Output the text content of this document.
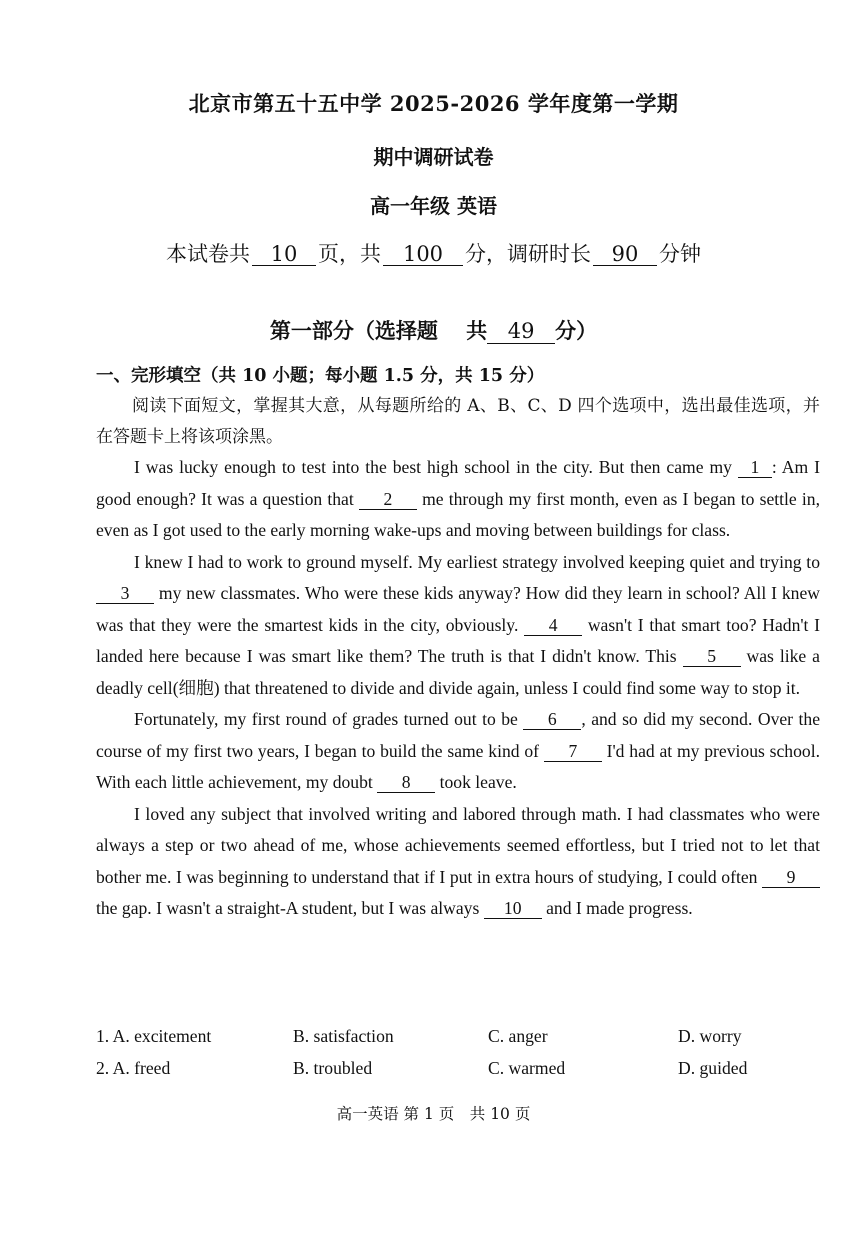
北京市第五十五中学 2025-2026 学年度第一学期
期中调研试卷
高一年级 英语
本试卷共 10 页，共 100 分，调研时长 90 分钟
第一部分（选择题　 共 49 分）
一、完形填空（共 10 小题；每小题 1.5 分，共 15 分）

阅读下面短文，掌握其大意，从每题所给的 A、B、C、D 四个选项中，选出最佳选项，并在答题卡上将该项涂黑。

I was lucky enough to test into the best high school in the city. But then came my 1 : Am I good enough? It was a question that 2 me through my first month, even as I began to settle in, even as I got used to the early morning wake-ups and moving between buildings for class.

I knew I had to work to ground myself. My earliest strategy involved keeping quiet and trying to 3 my new classmates. Who were these kids anyway? How did they learn in school? All I knew was that they were the smartest kids in the city, obviously. 4 wasn't I that smart too? Hadn't I landed here because I was smart like them? The truth is that I didn't know. This 5 was like a deadly cell(细胞) that threatened to divide and divide again, unless I could find some way to stop it.

Fortunately, my first round of grades turned out to be 6 , and so did my second. Over the course of my first two years, I began to build the same kind of 7 I'd had at my previous school. With each little achievement, my doubt 8 took leave.

I loved any subject that involved writing and labored through math. I had classmates who were always a step or two ahead of me, whose achievements seemed effortless, but I tried not to let that bother me. I was beginning to understand that if I put in extra hours of studying, I could often 9 the gap. I wasn't a straight-A student, but I was always 10 and I made progress.

1. A. excitement	B. satisfaction	C. anger	D. worry
2. A. freed	B. troubled	C. warmed	D. guided
高一英语 第 1 页　共 10 页
